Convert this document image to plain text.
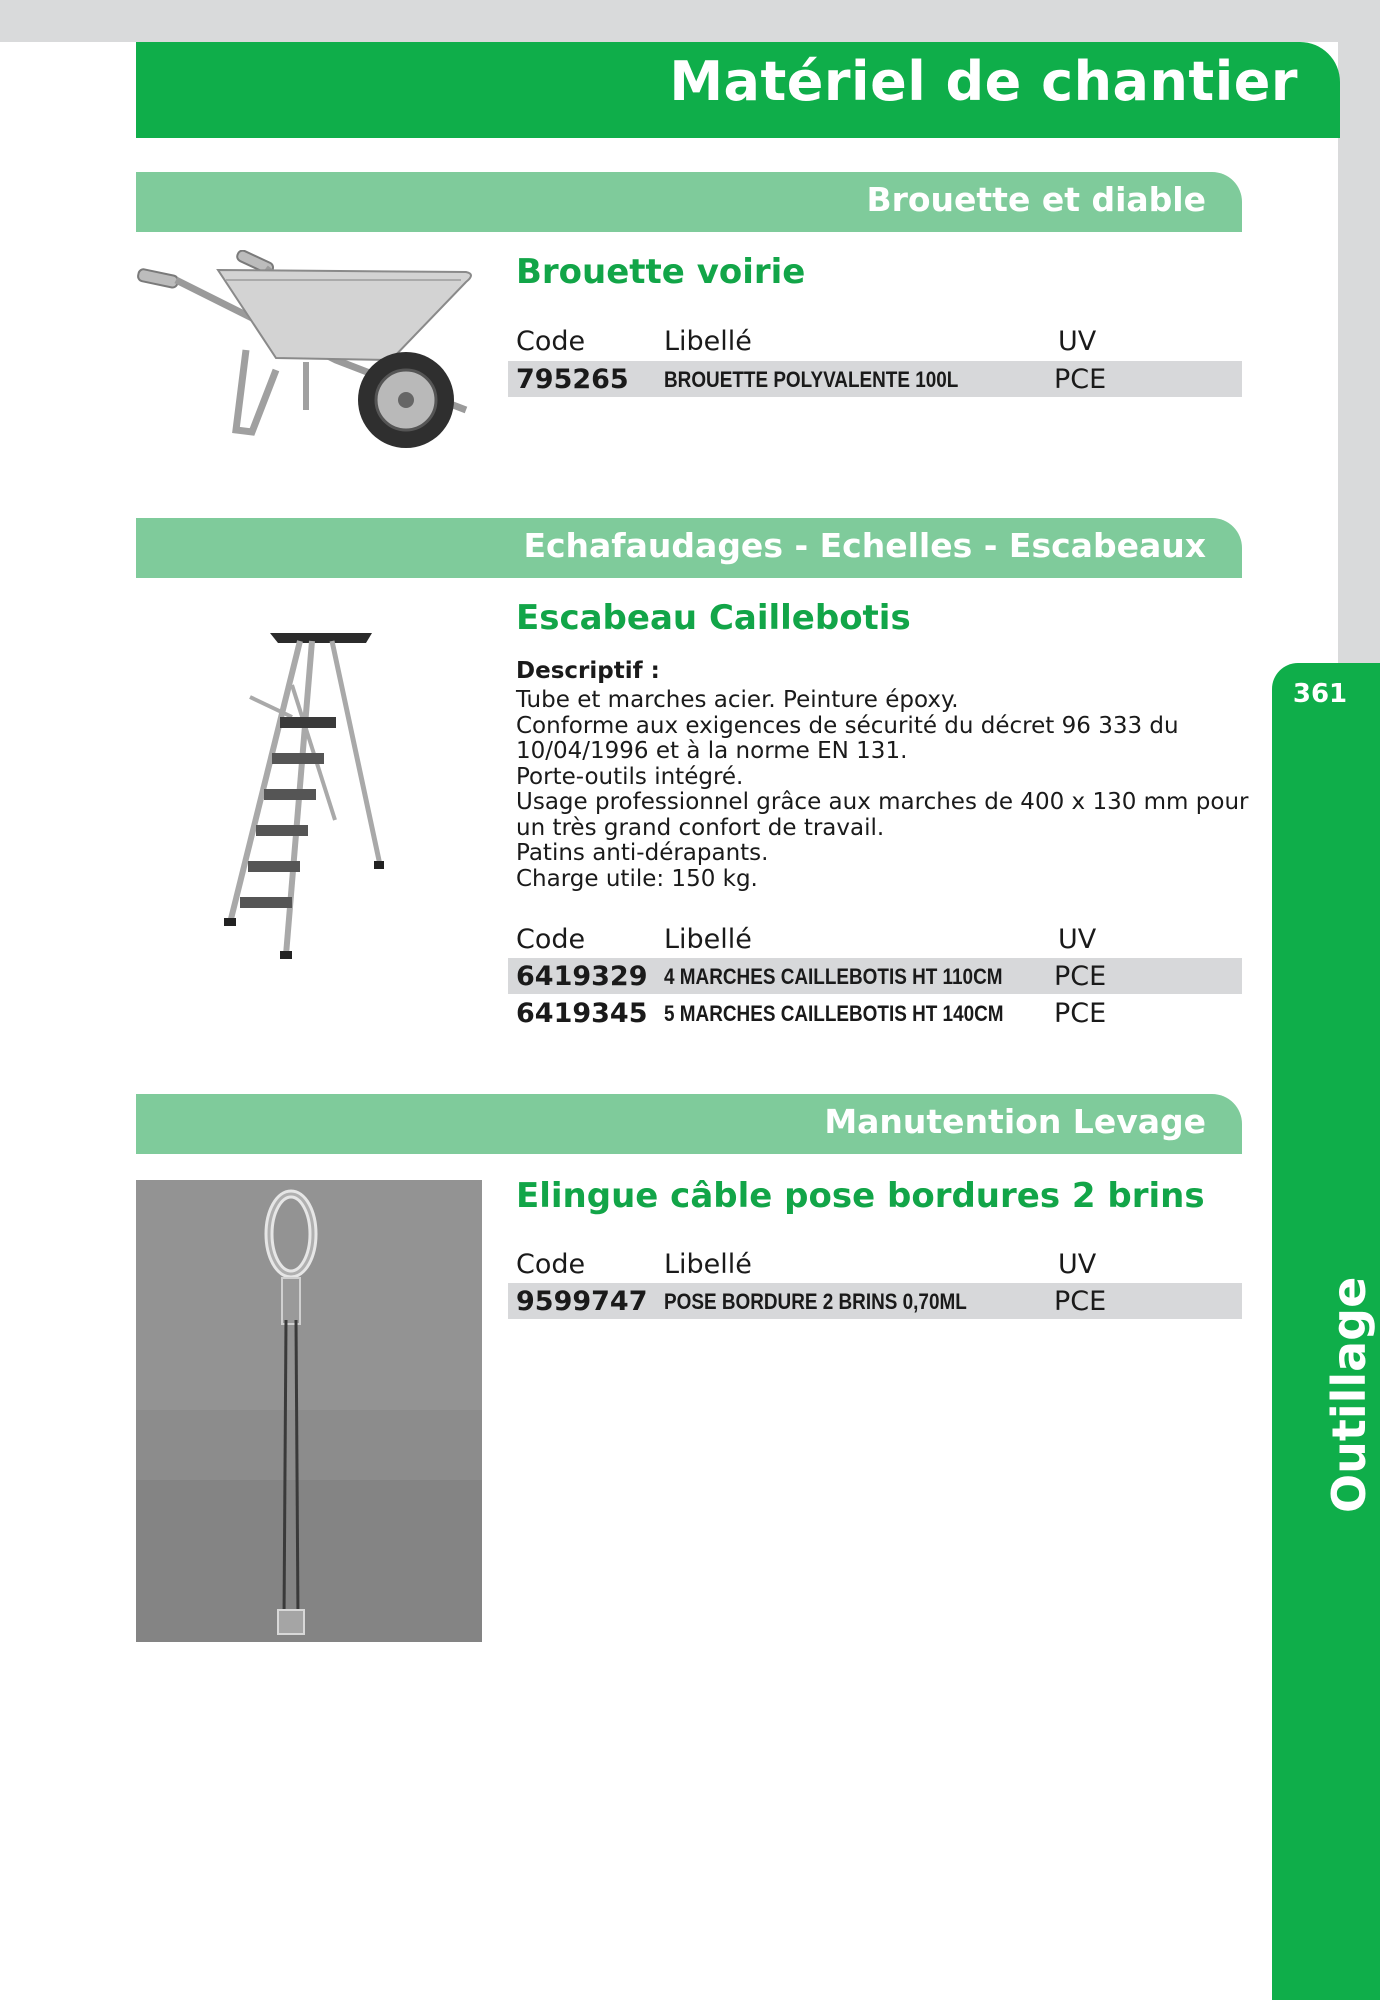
Matériel de chantier
361
Outillage
Brouette et diable
Brouette voirie
Code	Libellé	UV
795265 BROUETTE POLYVALENTE 100L	PCE
Echafaudages - Echelles - Escabeaux
Escabeau Caillebotis
Descriptif :
Tube et marches acier. Peinture époxy.
Conforme aux exigences de sécurité du décret 96 333 du
10/04/1996 et à la norme EN 131.
Porte-outils intégré.
Usage professionnel grâce aux marches de 400 x 130 mm pour
un très grand confort de travail.
Patins anti-dérapants.
Charge utile: 150 kg.
Code	Libellé	UV
6419329 4 MARCHES CAILLEBOTIS HT 110CM PCE
6419345 5 MARCHES CAILLEBOTIS HT 140CM PCE
Manutention Levage
Elingue câble pose bordures 2 brins
Code	Libellé	UV
9599747 POSE BORDURE 2 BRINS 0,70ML	PCE
